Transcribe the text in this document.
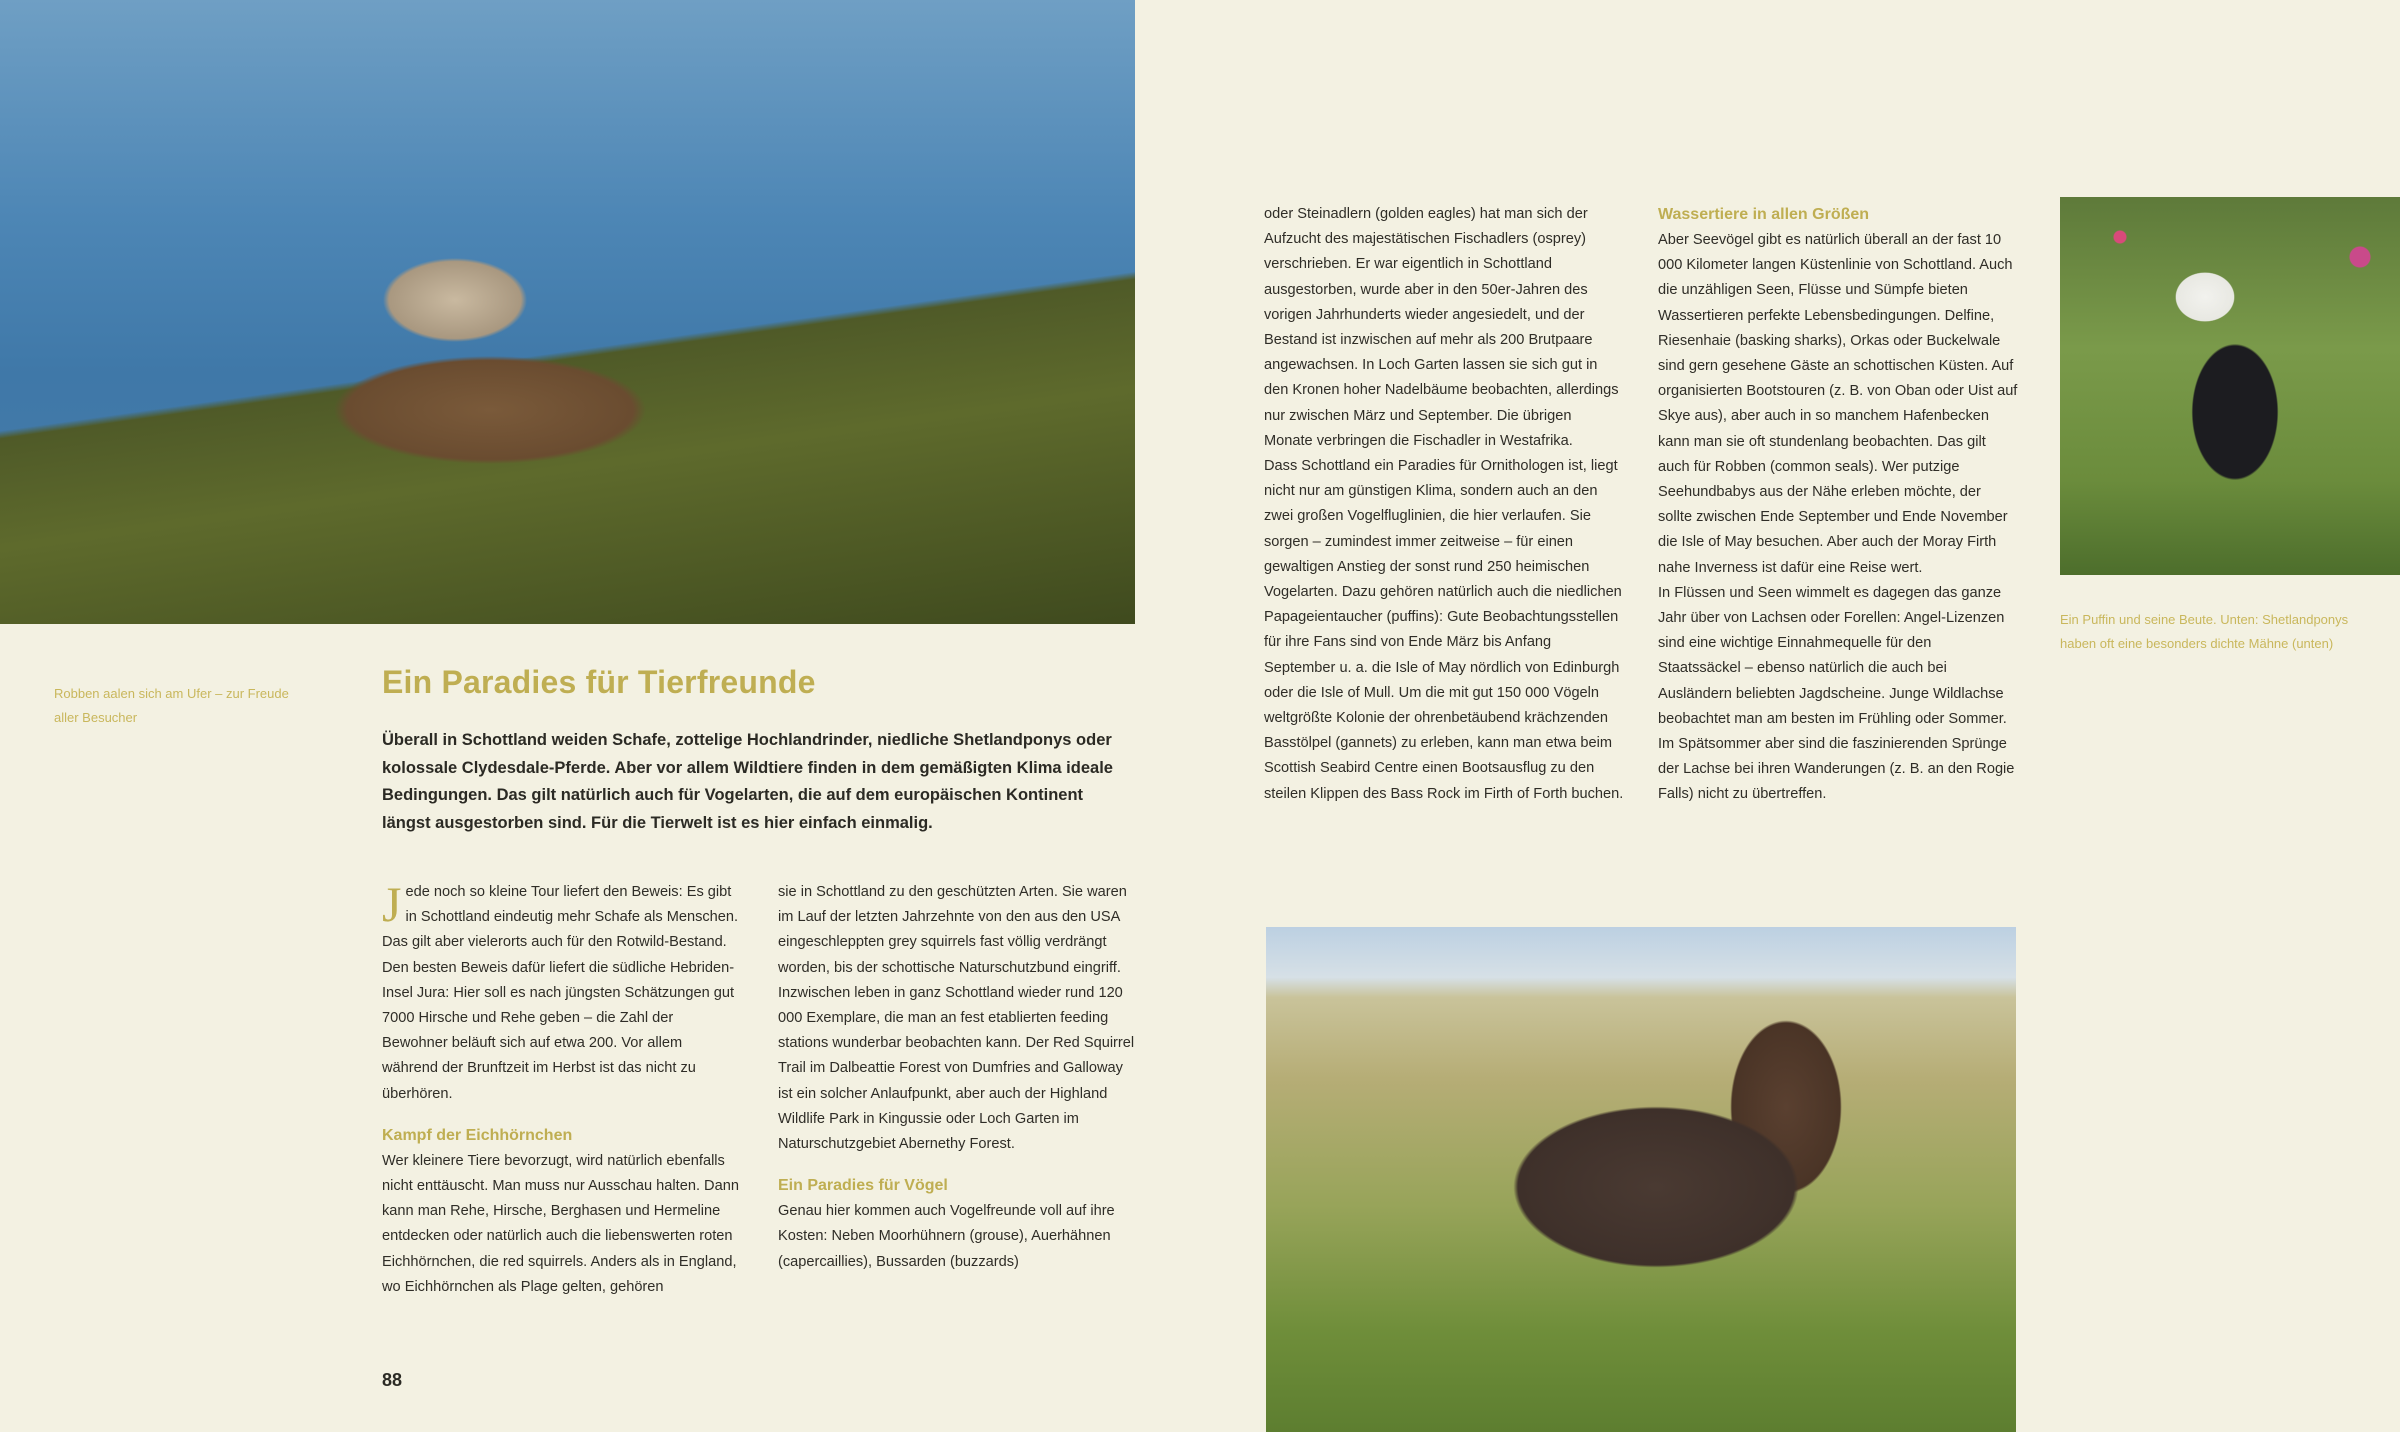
Robben aalen sich am Ufer – zur Freude aller Besucher
Ein Puffin und seine Beute. Unten: Shetlandponys haben oft eine besonders dichte Mähne (unten)
Ein Paradies für Tierfreunde
Überall in Schottland weiden Schafe, zottelige Hochlandrinder, niedliche Shetlandponys oder kolossale Clydesdale-Pferde. Aber vor allem Wildtiere finden in dem gemäßigten Klima ideale Bedingungen. Das gilt natürlich auch für Vogelarten, die auf dem europäischen Kontinent längst ausgestorben sind. Für die Tierwelt ist es hier einfach einmalig.

Jede noch so kleine Tour liefert den Beweis: Es gibt in Schottland eindeutig mehr Schafe als Menschen. Das gilt aber vielerorts auch für den Rotwild-Bestand. Den besten Beweis dafür liefert die südliche Hebriden-Insel Jura: Hier soll es nach jüngsten Schätzungen gut 7000 Hirsche und Rehe geben – die Zahl der Bewohner beläuft sich auf etwa 200. Vor allem während der Brunftzeit im Herbst ist das nicht zu überhören.

Kampf der Eichhörnchen

Wer kleinere Tiere bevorzugt, wird natürlich ebenfalls nicht enttäuscht. Man muss nur Ausschau halten. Dann kann man Rehe, Hirsche, Berghasen und Hermeline entdecken oder natürlich auch die liebenswerten roten Eichhörnchen, die red squirrels. Anders als in England, wo Eichhörnchen als Plage gelten, gehören

sie in Schottland zu den geschützten Arten. Sie waren im Lauf der letzten Jahrzehnte von den aus den USA eingeschleppten grey squirrels fast völlig verdrängt worden, bis der schottische Naturschutzbund eingriff. Inzwischen leben in ganz Schottland wieder rund 120 000 Exemplare, die man an fest etablierten feeding stations wunderbar beobachten kann. Der Red Squirrel Trail im Dalbeattie Forest von Dumfries and Galloway ist ein solcher Anlaufpunkt, aber auch der Highland Wildlife Park in Kingussie oder Loch Garten im Naturschutzgebiet Abernethy Forest.

Ein Paradies für Vögel

Genau hier kommen auch Vogelfreunde voll auf ihre Kosten: Neben Moorhühnern (grouse), Auerhähnen (capercaillies), Bussarden (buzzards)

oder Steinadlern (golden eagles) hat man sich der Aufzucht des majestätischen Fischadlers (osprey) verschrieben. Er war eigentlich in Schottland ausgestorben, wurde aber in den 50er-Jahren des vorigen Jahrhunderts wieder angesiedelt, und der Bestand ist inzwischen auf mehr als 200 Brutpaare angewachsen. In Loch Garten lassen sie sich gut in den Kronen hoher Nadelbäume beobachten, allerdings nur zwischen März und September. Die übrigen Monate verbringen die Fischadler in Westafrika.

Dass Schottland ein Paradies für Ornithologen ist, liegt nicht nur am günstigen Klima, sondern auch an den zwei großen Vogelfluglinien, die hier verlaufen. Sie sorgen – zumindest immer zeitweise – für einen gewaltigen Anstieg der sonst rund 250 heimischen Vogelarten. Dazu gehören natürlich auch die niedlichen Papageientaucher (puffins): Gute Beobachtungsstellen für ihre Fans sind von Ende März bis Anfang September u. a. die Isle of May nördlich von Edinburgh oder die Isle of Mull. Um die mit gut 150 000 Vögeln weltgrößte Kolonie der ohrenbetäubend krächzenden Basstölpel (gannets) zu erleben, kann man etwa beim Scottish Seabird Centre einen Bootsausflug zu den steilen Klippen des Bass Rock im Firth of Forth buchen.

Wassertiere in allen Größen

Aber Seevögel gibt es natürlich überall an der fast 10 000 Kilometer langen Küstenlinie von Schottland. Auch die unzähligen Seen, Flüsse und Sümpfe bieten Wassertieren perfekte Lebensbedingungen. Delfine, Riesenhaie (basking sharks), Orkas oder Buckelwale sind gern gesehene Gäste an schottischen Küsten. Auf organisierten Bootstouren (z. B. von Oban oder Uist auf Skye aus), aber auch in so manchem Hafenbecken kann man sie oft stundenlang beobachten. Das gilt auch für Robben (common seals). Wer putzige Seehundbabys aus der Nähe erleben möchte, der sollte zwischen Ende September und Ende November die Isle of May besuchen. Aber auch der Moray Firth nahe Inverness ist dafür eine Reise wert.

In Flüssen und Seen wimmelt es dagegen das ganze Jahr über von Lachsen oder Forellen: Angel-Lizenzen sind eine wichtige Einnahmequelle für den Staatssäckel – ebenso natürlich die auch bei Ausländern beliebten Jagdscheine. Junge Wildlachse beobachtet man am besten im Frühling oder Sommer. Im Spätsommer aber sind die faszinierenden Sprünge der Lachse bei ihren Wanderungen (z. B. an den Rogie Falls) nicht zu übertreffen.

88
